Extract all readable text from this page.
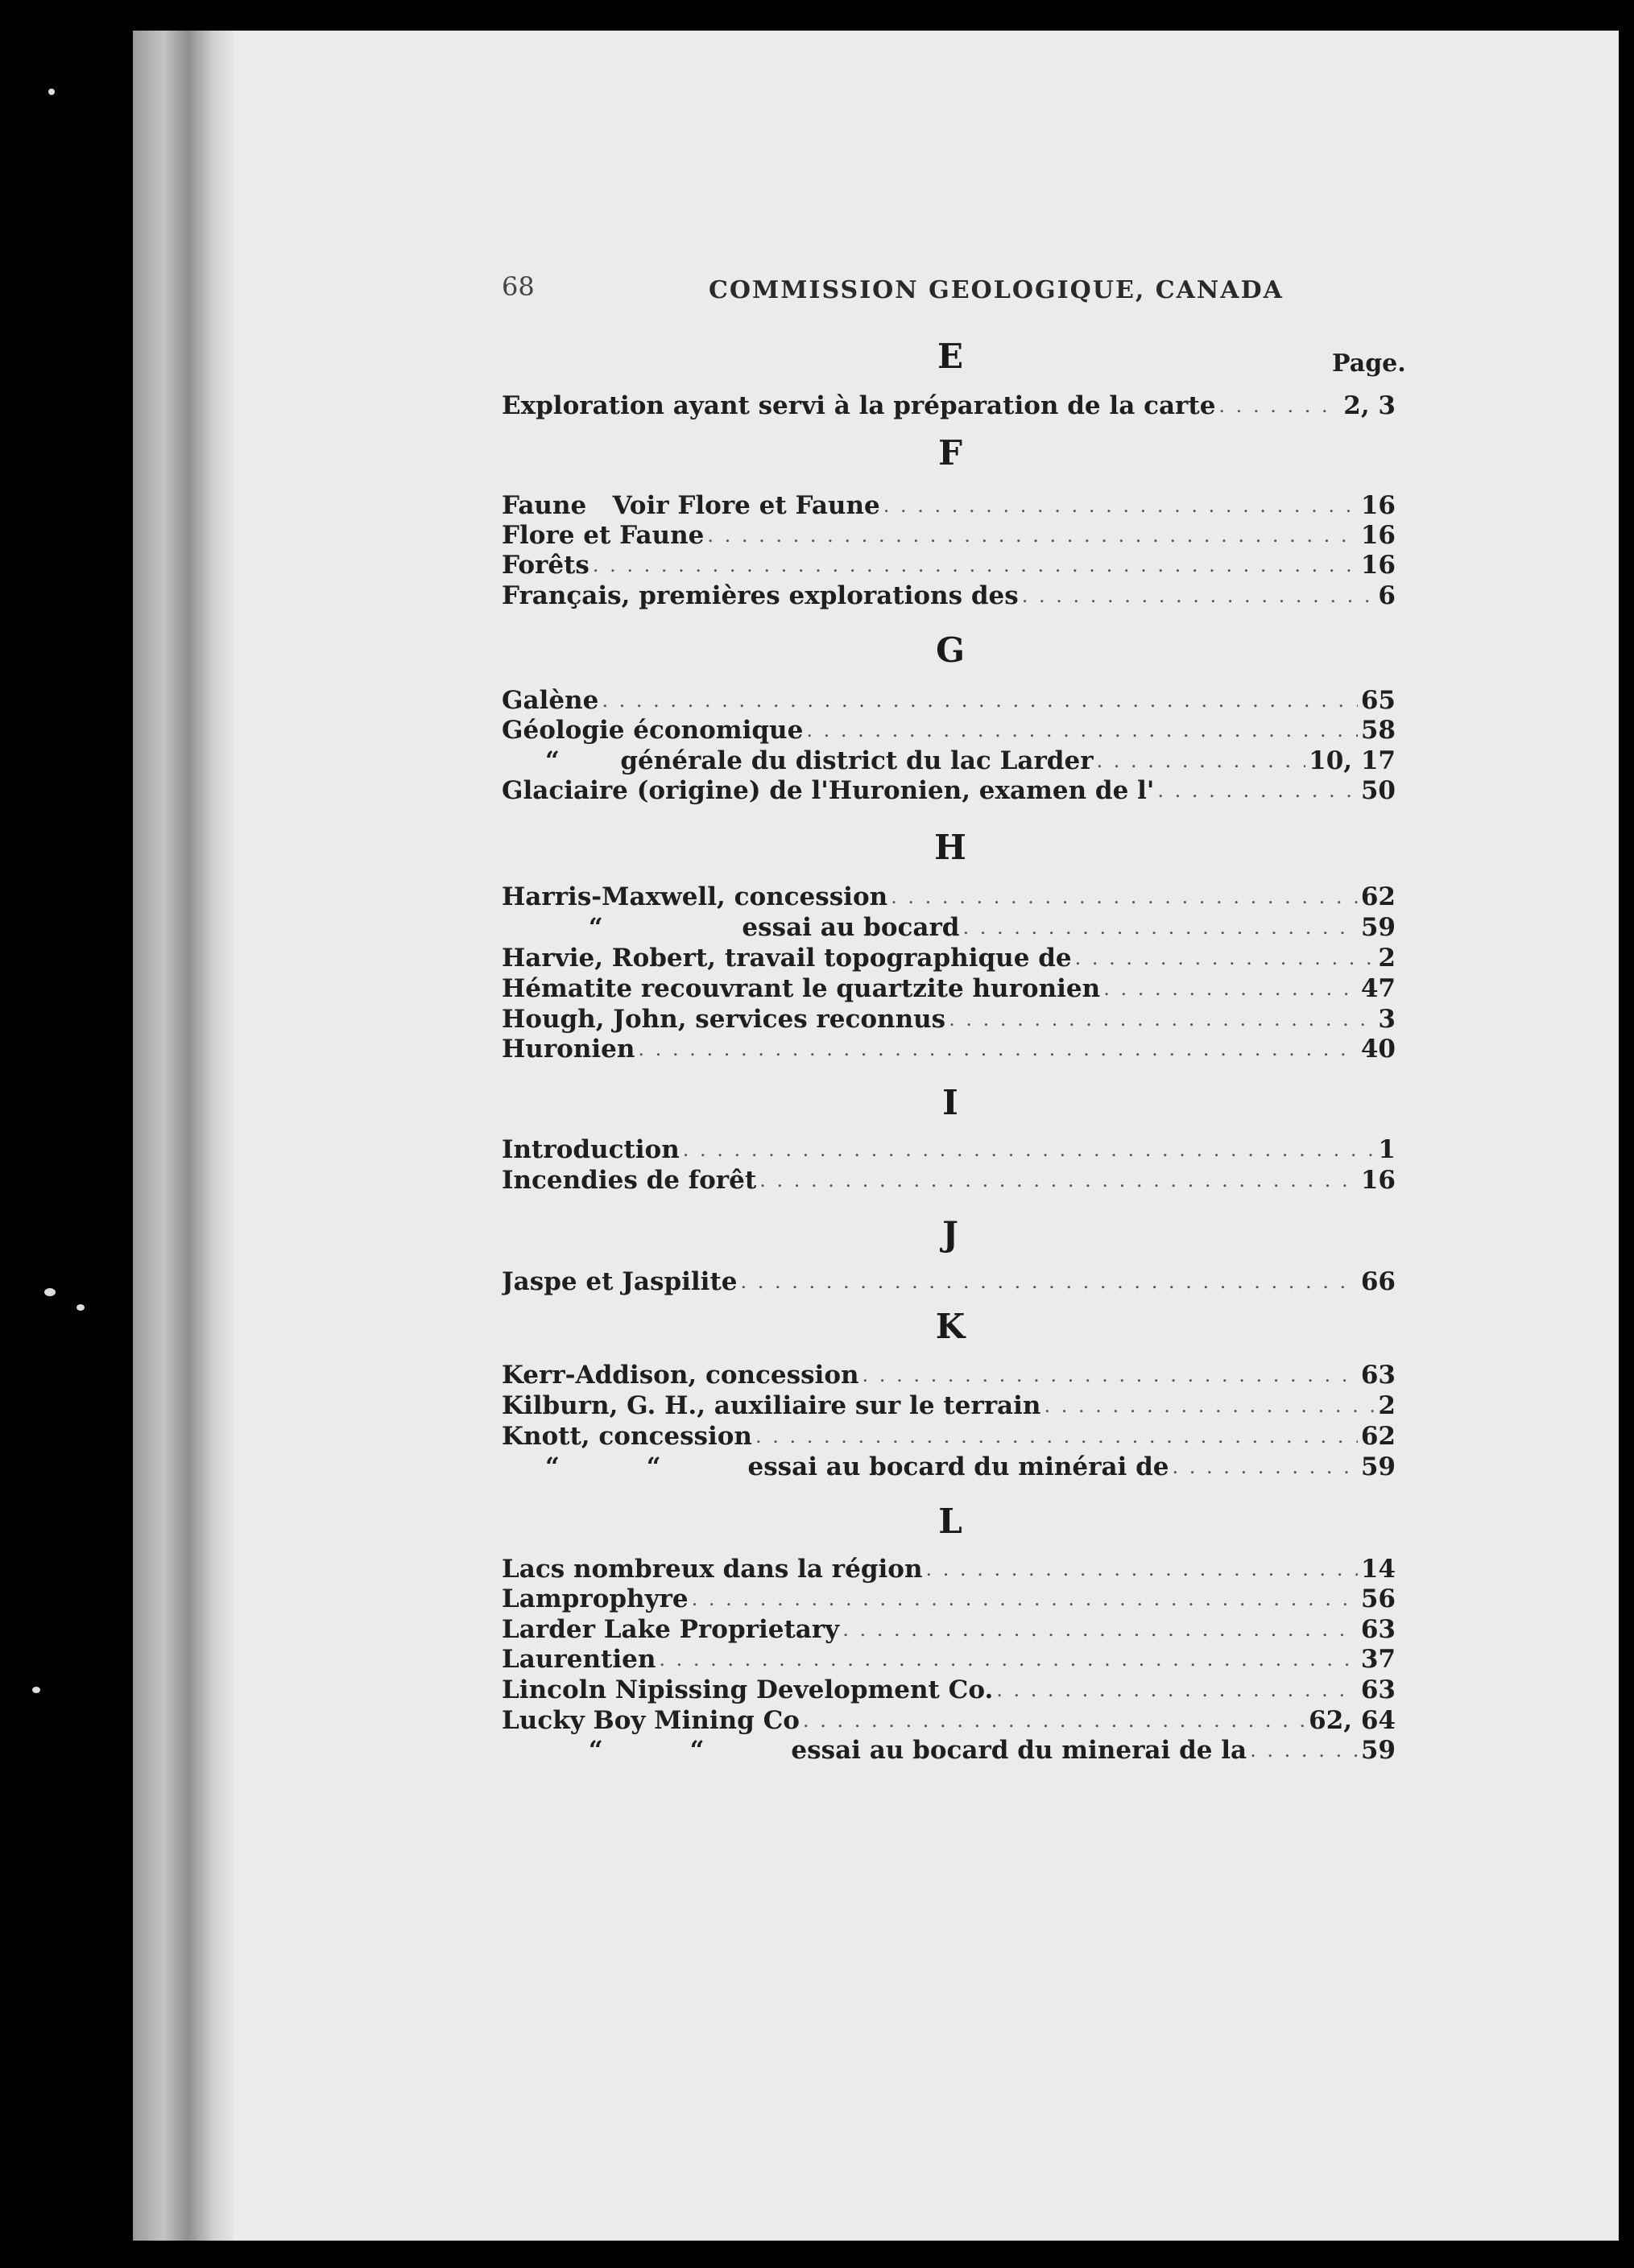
68	COMMISSION GEOLOGIQUE, CANADA
Page.
E
Exploration ayant servi à la préparation de la carte . . .	2, 3
F
Faune   Voir Flore et Faune . . .	16
Flore et Faune . . .	16
Forêts . . .	16
Français, premières explorations des . . .	6
G
Galène . . .	65
Géologie économique . . .	58
“       générale du district du lac Larder . . .	10, 17
Glaciaire (origine) de l'Huronien, examen de l' . . .	50
H
Harris-Maxwell, concession . . .	62
“                essai au bocard . . .	59
Harvie, Robert, travail topographique de . . .	2
Hématite recouvrant le quartzite huronien . . .	47
Hough, John, services reconnus . . .	3
Huronien . . .	40
I
Introduction . . .	1
Incendies de forêt . . .	16
J
Jaspe et Jaspilite . . .	66
K
Kerr-Addison, concession . . .	63
Kilburn, G. H., auxiliaire sur le terrain . . .	2
Knott, concession . . .	62
“          “          essai au bocard du minérai de . . .	59
L
Lacs nombreux dans la région . . .	14
Lamprophyre . . .	56
Larder Lake Proprietary . . .	63
Laurentien . . .	37
Lincoln Nipissing Development Co. . . .	63
Lucky Boy Mining Co . . .	62, 64
“          “          essai au bocard du minerai de la . . .	59
